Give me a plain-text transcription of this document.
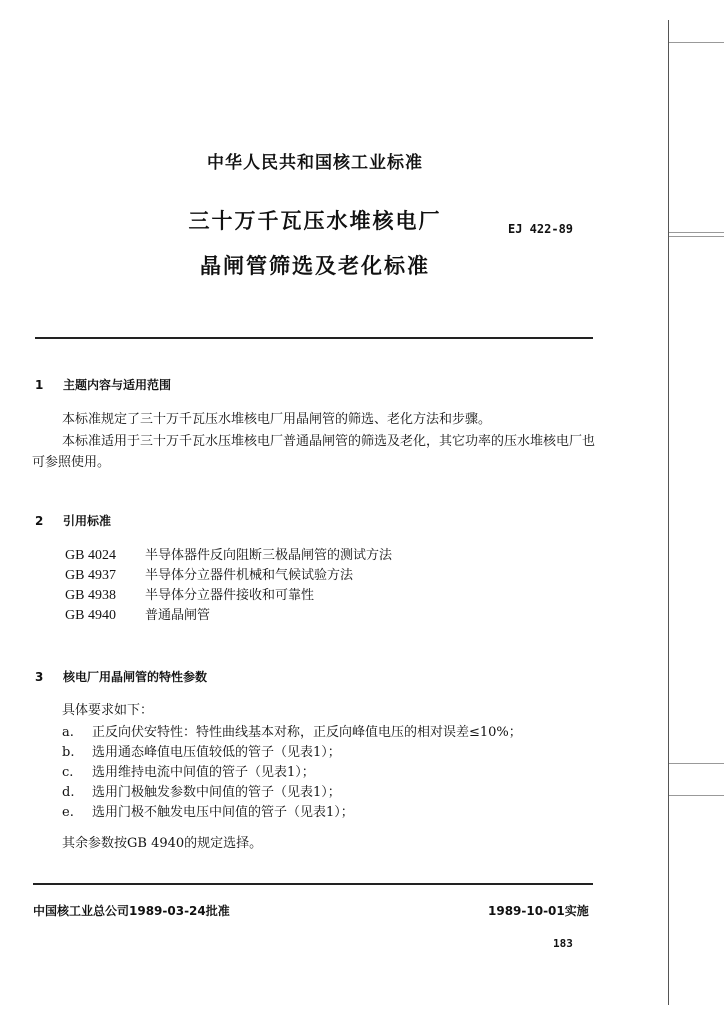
中华人民共和国核工业标准
三十万千瓦压水堆核电厂
晶闸管筛选及老化标准
EJ 422-89
1 主题内容与适用范围
本标准规定了三十万千瓦压水堆核电厂用晶闸管的筛选、老化方法和步骤。
本标准适用于三十万千瓦水压堆核电厂普通晶闸管的筛选及老化，其它功率的压水堆核电厂也可参照使用。
2 引用标准
GB 4024 半导体器件反向阻断三极晶闸管的测试方法
GB 4937 半导体分立器件机械和气候试验方法
GB 4938 半导体分立器件接收和可靠性
GB 4940 普通晶闸管
3 核电厂用晶闸管的特性参数
具体要求如下：
a. 正反向伏安特性：特性曲线基本对称，正反向峰值电压的相对误差≤10%；
b. 选用通态峰值电压值较低的管子（见表1）；
c. 选用维持电流中间值的管子（见表1）；
d. 选用门极触发参数中间值的管子（见表1）；
e. 选用门极不触发电压中间值的管子（见表1）；
其余参数按GB 4940的规定选择。
中国核工业总公司1989-03-24批准	1989-10-01实施
183
